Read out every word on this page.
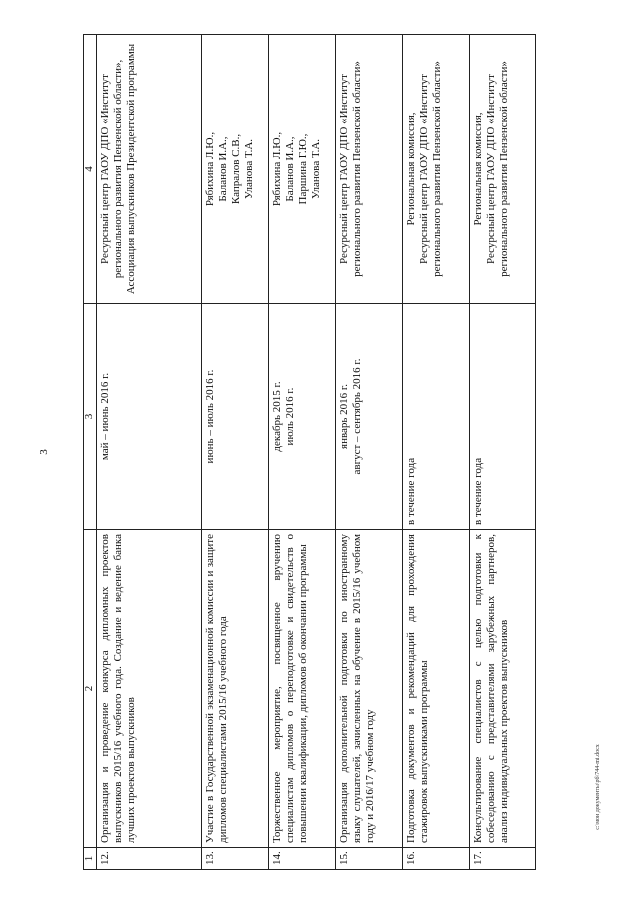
3
1	2	3	4
12.	Организация и проведение конкурса дипломных проектов выпускников 2015/16 учебного года. Создание и ведение банка лучших проектов выпускников	май – июнь 2016 г.	Ресурсный центр ГАОУ ДПО «Институт регионального развития Пензенской области», Ассоциация выпускников Президентской программы

13.	Участие в Государственной экзаменационной комиссии и защите дипломов специалистами 2015/16 учебного года	июнь – июль 2016 г.	Рябихина Л.Ю., Баланов И.А., Капралов С.В., Уланова Т.А.

14.	Торжественное мероприятие, посвященное вручению специалистам дипломов о переподготовке и свидетельств о повышении квалификации, дипломов об окончании программы	декабрь 2015 г. июль 2016 г.	Рябихина Л.Ю., Баланов И.А., Паршина Г.Ю., Уланова Т.А.

15.	Организация дополнительной подготовки по иностранному языку слушателей, зачисленных на обучение в 2015/16 учебном году и 2016/17 учебном году	январь 2016 г. август – сентябрь 2016 г.	Ресурсный центр ГАОУ ДПО «Институт регионального развития Пензенской области»

16.	Подготовка документов и рекомендаций для прохождения стажировок выпускниками программы	в течение года	Региональная комиссия, Ресурсный центр ГАОУ ДПО «Институт регионального развития Пензенской области»

17.	Консультирование специалистов с целью подготовки к собеседованию с представителями зарубежных партнеров, анализ индивидуальных проектов выпускников	в течение года	Региональная комиссия, Ресурсный центр ГАОУ ДПО «Институт регионального развития Пензенской области»
c:\мои документы\рб\744-mi.docx
